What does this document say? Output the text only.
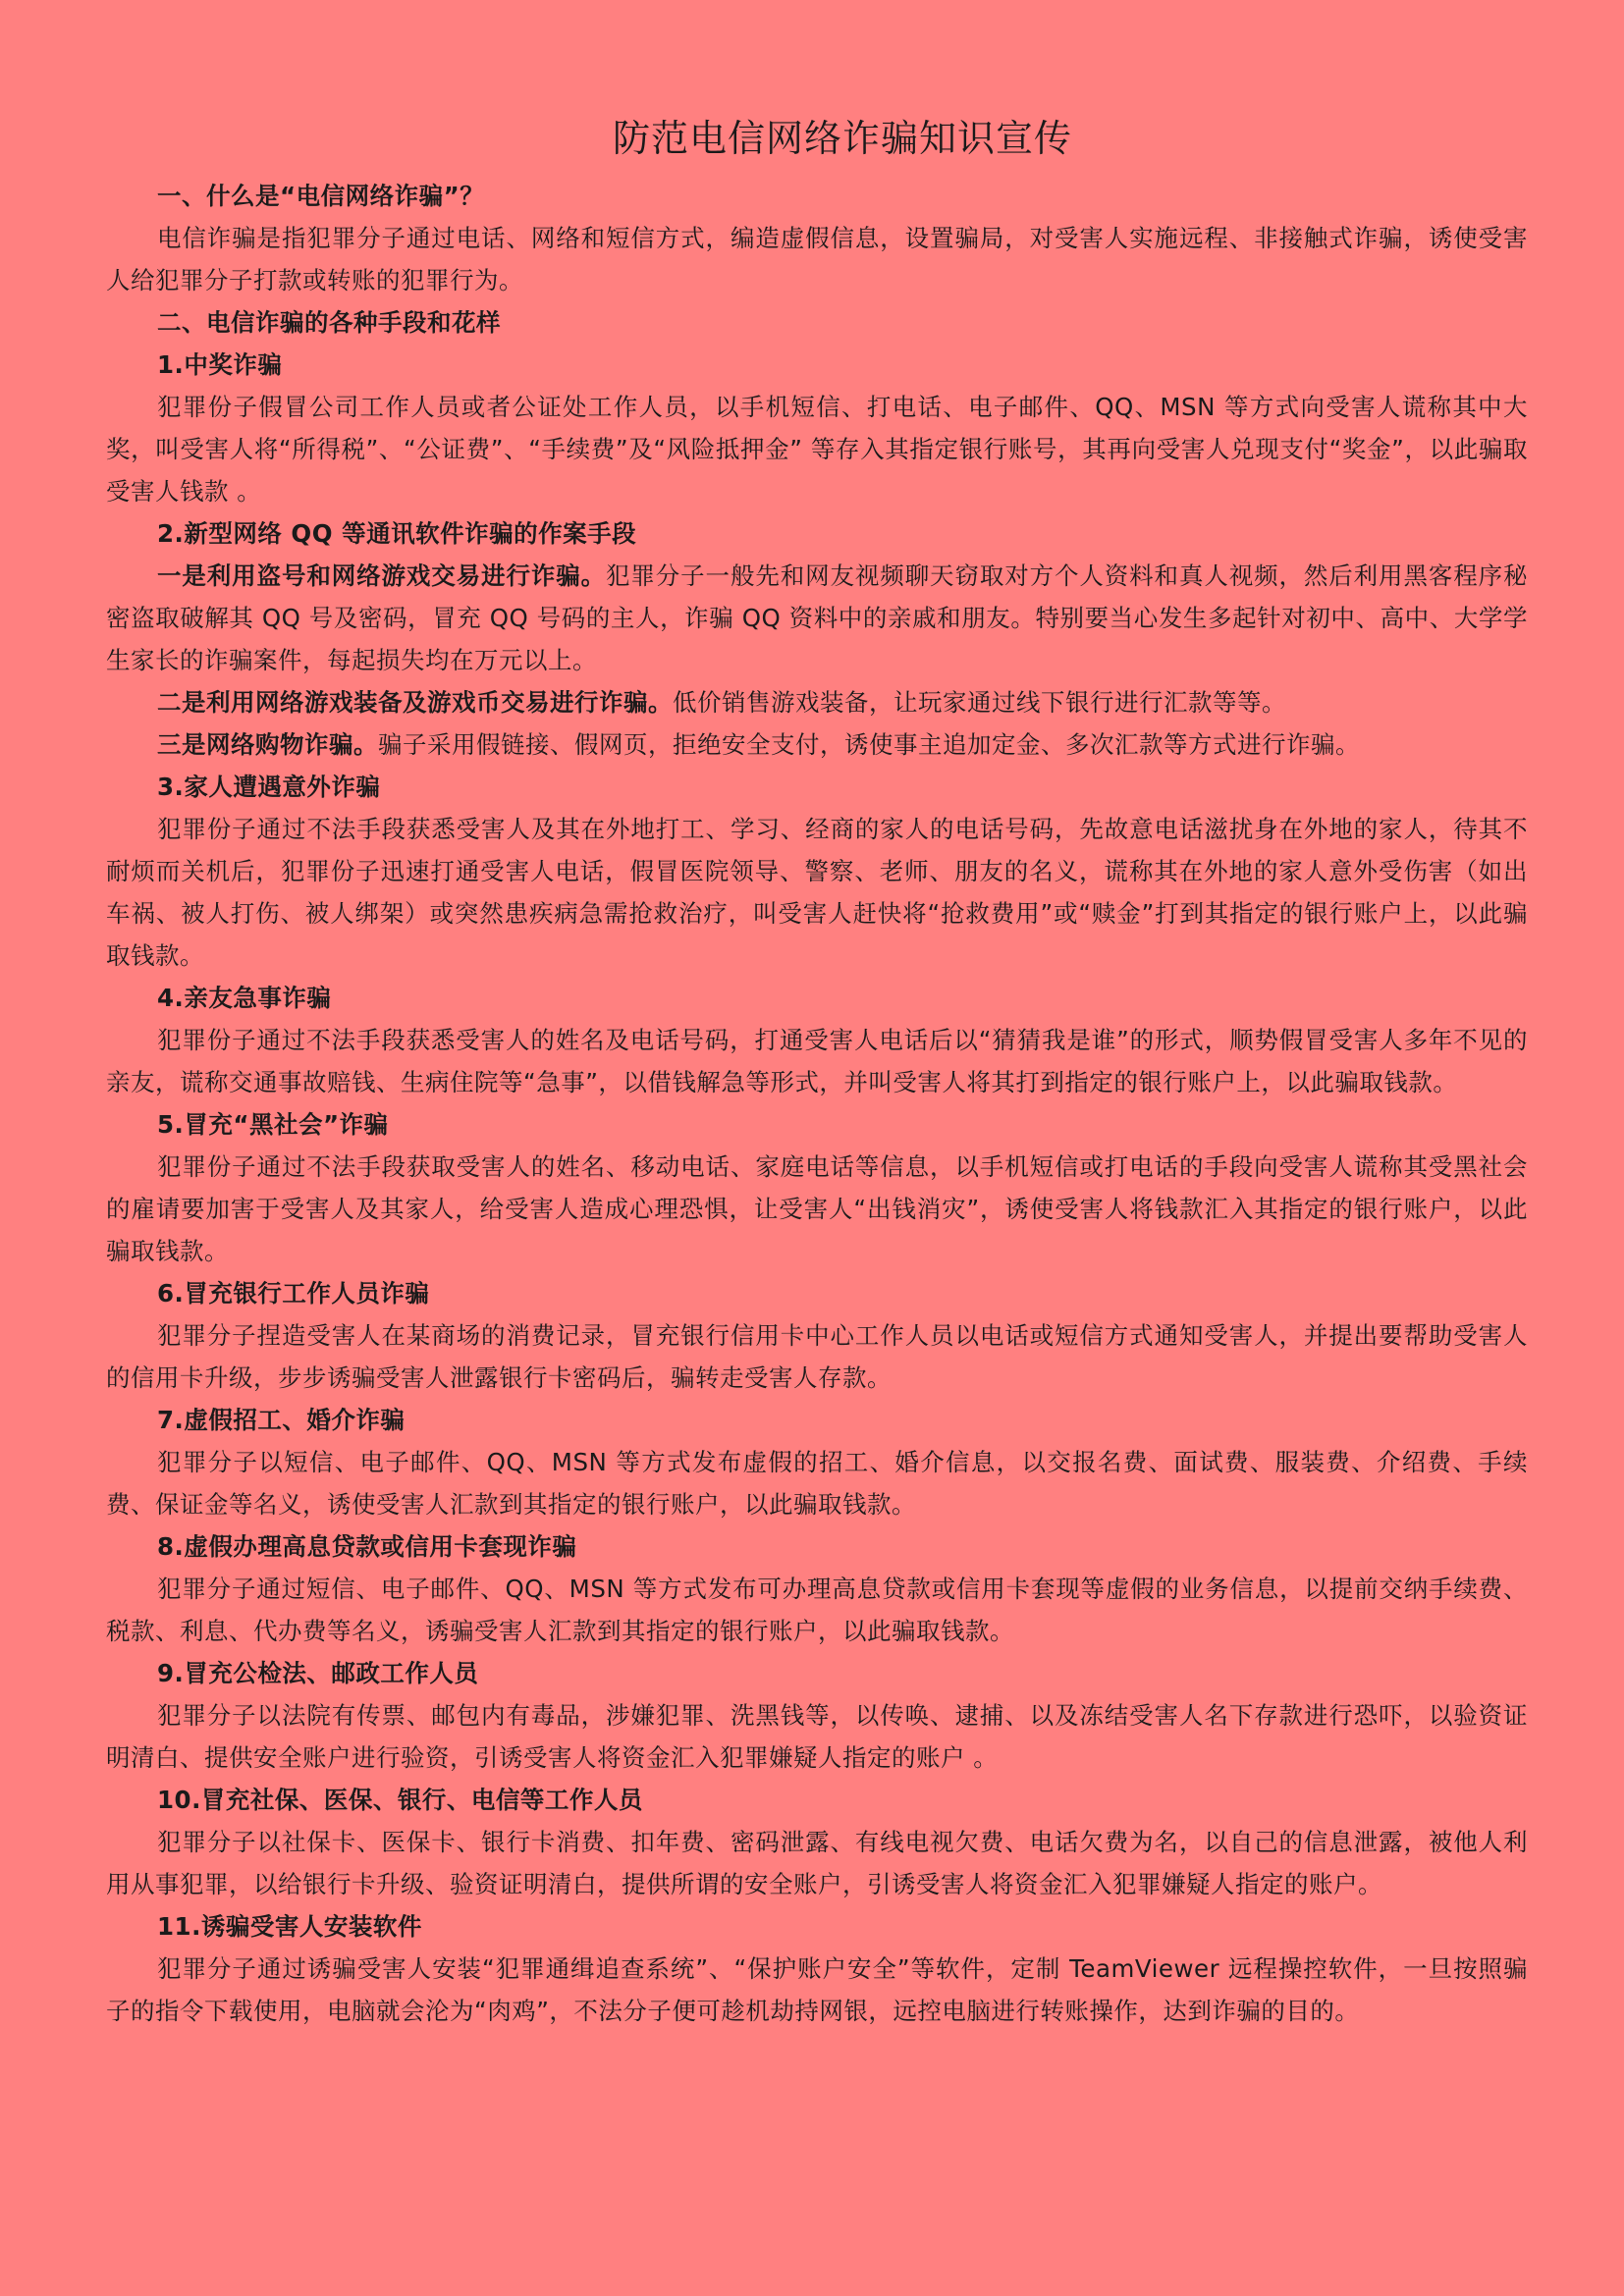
防范电信网络诈骗知识宣传
一、什么是“电信网络诈骗”？
电信诈骗是指犯罪分子通过电话、网络和短信方式，编造虚假信息，设置骗局，对受害人实施远程、非接触式诈骗，诱使受害人给犯罪分子打款或转账的犯罪行为。
二、电信诈骗的各种手段和花样
1.中奖诈骗
犯罪份子假冒公司工作人员或者公证处工作人员，以手机短信、打电话、电子邮件、QQ、MSN 等方式向受害人谎称其中大奖，叫受害人将“所得税”、“公证费”、“手续费”及“风险抵押金” 等存入其指定银行账号，其再向受害人兑现支付“奖金”，以此骗取受害人钱款 。
2.新型网络 QQ 等通讯软件诈骗的作案手段
一是利用盗号和网络游戏交易进行诈骗。犯罪分子一般先和网友视频聊天窃取对方个人资料和真人视频，然后利用黑客程序秘密盗取破解其 QQ 号及密码，冒充 QQ 号码的主人，诈骗 QQ 资料中的亲戚和朋友。特别要当心发生多起针对初中、高中、大学学生家长的诈骗案件，每起损失均在万元以上。
二是利用网络游戏装备及游戏币交易进行诈骗。低价销售游戏装备，让玩家通过线下银行进行汇款等等。
三是网络购物诈骗。骗子采用假链接、假网页，拒绝安全支付，诱使事主追加定金、多次汇款等方式进行诈骗。
3.家人遭遇意外诈骗
犯罪份子通过不法手段获悉受害人及其在外地打工、学习、经商的家人的电话号码，先故意电话滋扰身在外地的家人，待其不耐烦而关机后，犯罪份子迅速打通受害人电话，假冒医院领导、警察、老师、朋友的名义，谎称其在外地的家人意外受伤害（如出车祸、被人打伤、被人绑架）或突然患疾病急需抢救治疗，叫受害人赶快将“抢救费用”或“赎金”打到其指定的银行账户上，以此骗取钱款。
4.亲友急事诈骗
犯罪份子通过不法手段获悉受害人的姓名及电话号码，打通受害人电话后以“猜猜我是谁”的形式，顺势假冒受害人多年不见的亲友，谎称交通事故赔钱、生病住院等“急事”，以借钱解急等形式，并叫受害人将其打到指定的银行账户上，以此骗取钱款。
5.冒充“黑社会”诈骗
犯罪份子通过不法手段获取受害人的姓名、移动电话、家庭电话等信息，以手机短信或打电话的手段向受害人谎称其受黑社会的雇请要加害于受害人及其家人，给受害人造成心理恐惧，让受害人“出钱消灾”，诱使受害人将钱款汇入其指定的银行账户，以此骗取钱款。
6.冒充银行工作人员诈骗
犯罪分子捏造受害人在某商场的消费记录，冒充银行信用卡中心工作人员以电话或短信方式通知受害人，并提出要帮助受害人的信用卡升级，步步诱骗受害人泄露银行卡密码后，骗转走受害人存款。
7.虚假招工、婚介诈骗
犯罪分子以短信、电子邮件、QQ、MSN 等方式发布虚假的招工、婚介信息，以交报名费、面试费、服装费、介绍费、手续费、保证金等名义，诱使受害人汇款到其指定的银行账户，以此骗取钱款。
8.虚假办理高息贷款或信用卡套现诈骗
犯罪分子通过短信、电子邮件、QQ、MSN 等方式发布可办理高息贷款或信用卡套现等虚假的业务信息，以提前交纳手续费、税款、利息、代办费等名义，诱骗受害人汇款到其指定的银行账户，以此骗取钱款。
9.冒充公检法、邮政工作人员
犯罪分子以法院有传票、邮包内有毒品，涉嫌犯罪、洗黑钱等，以传唤、逮捕、以及冻结受害人名下存款进行恐吓，以验资证明清白、提供安全账户进行验资，引诱受害人将资金汇入犯罪嫌疑人指定的账户 。
10.冒充社保、医保、银行、电信等工作人员
犯罪分子以社保卡、医保卡、银行卡消费、扣年费、密码泄露、有线电视欠费、电话欠费为名，以自己的信息泄露，被他人利用从事犯罪，以给银行卡升级、验资证明清白，提供所谓的安全账户，引诱受害人将资金汇入犯罪嫌疑人指定的账户。
11.诱骗受害人安装软件
犯罪分子通过诱骗受害人安装“犯罪通缉追查系统”、“保护账户安全”等软件，定制 TeamViewer 远程操控软件，一旦按照骗子的指令下载使用，电脑就会沦为“肉鸡”，不法分子便可趁机劫持网银，远控电脑进行转账操作，达到诈骗的目的。
